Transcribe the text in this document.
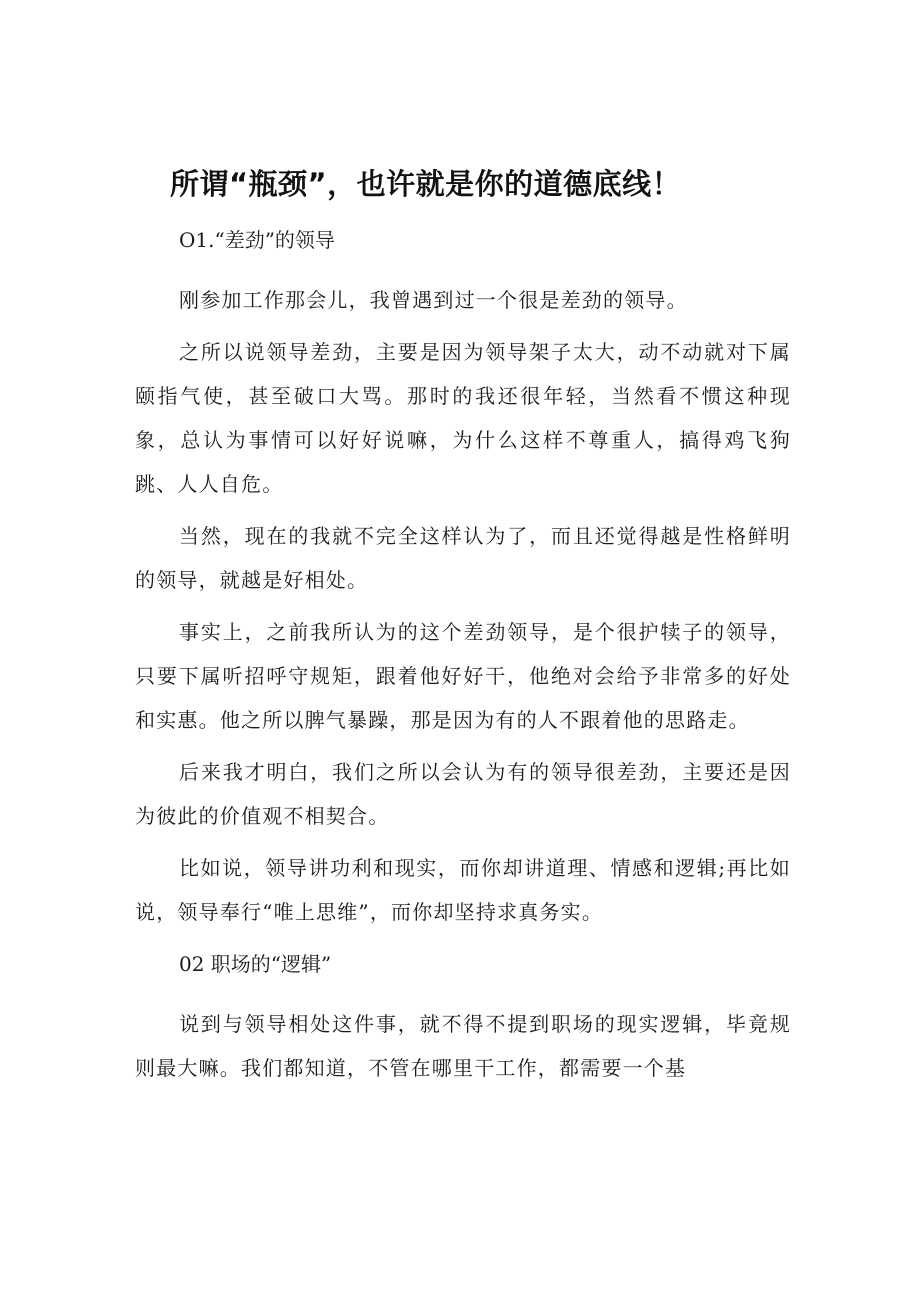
所谓“瓶颈”，也许就是你的道德底线！
O1.“差劲”的领导

刚参加工作那会儿，我曾遇到过一个很是差劲的领导。

之所以说领导差劲，主要是因为领导架子太大，动不动就对下属颐指气使，甚至破口大骂。那时的我还很年轻，当然看不惯这种现象，总认为事情可以好好说嘛，为什么这样不尊重人，搞得鸡飞狗跳、人人自危。

当然，现在的我就不完全这样认为了，而且还觉得越是性格鲜明的领导，就越是好相处。

事实上，之前我所认为的这个差劲领导，是个很护犊子的领导，只要下属听招呼守规矩，跟着他好好干，他绝对会给予非常多的好处和实惠。他之所以脾气暴躁，那是因为有的人不跟着他的思路走。

后来我才明白，我们之所以会认为有的领导很差劲，主要还是因为彼此的价值观不相契合。

比如说，领导讲功利和现实，而你却讲道理、情感和逻辑;再比如说，领导奉行“唯上思维”，而你却坚持求真务实。

02 职场的“逻辑”

说到与领导相处这件事，就不得不提到职场的现实逻辑，毕竟规则最大嘛。我们都知道，不管在哪里干工作，都需要一个基
